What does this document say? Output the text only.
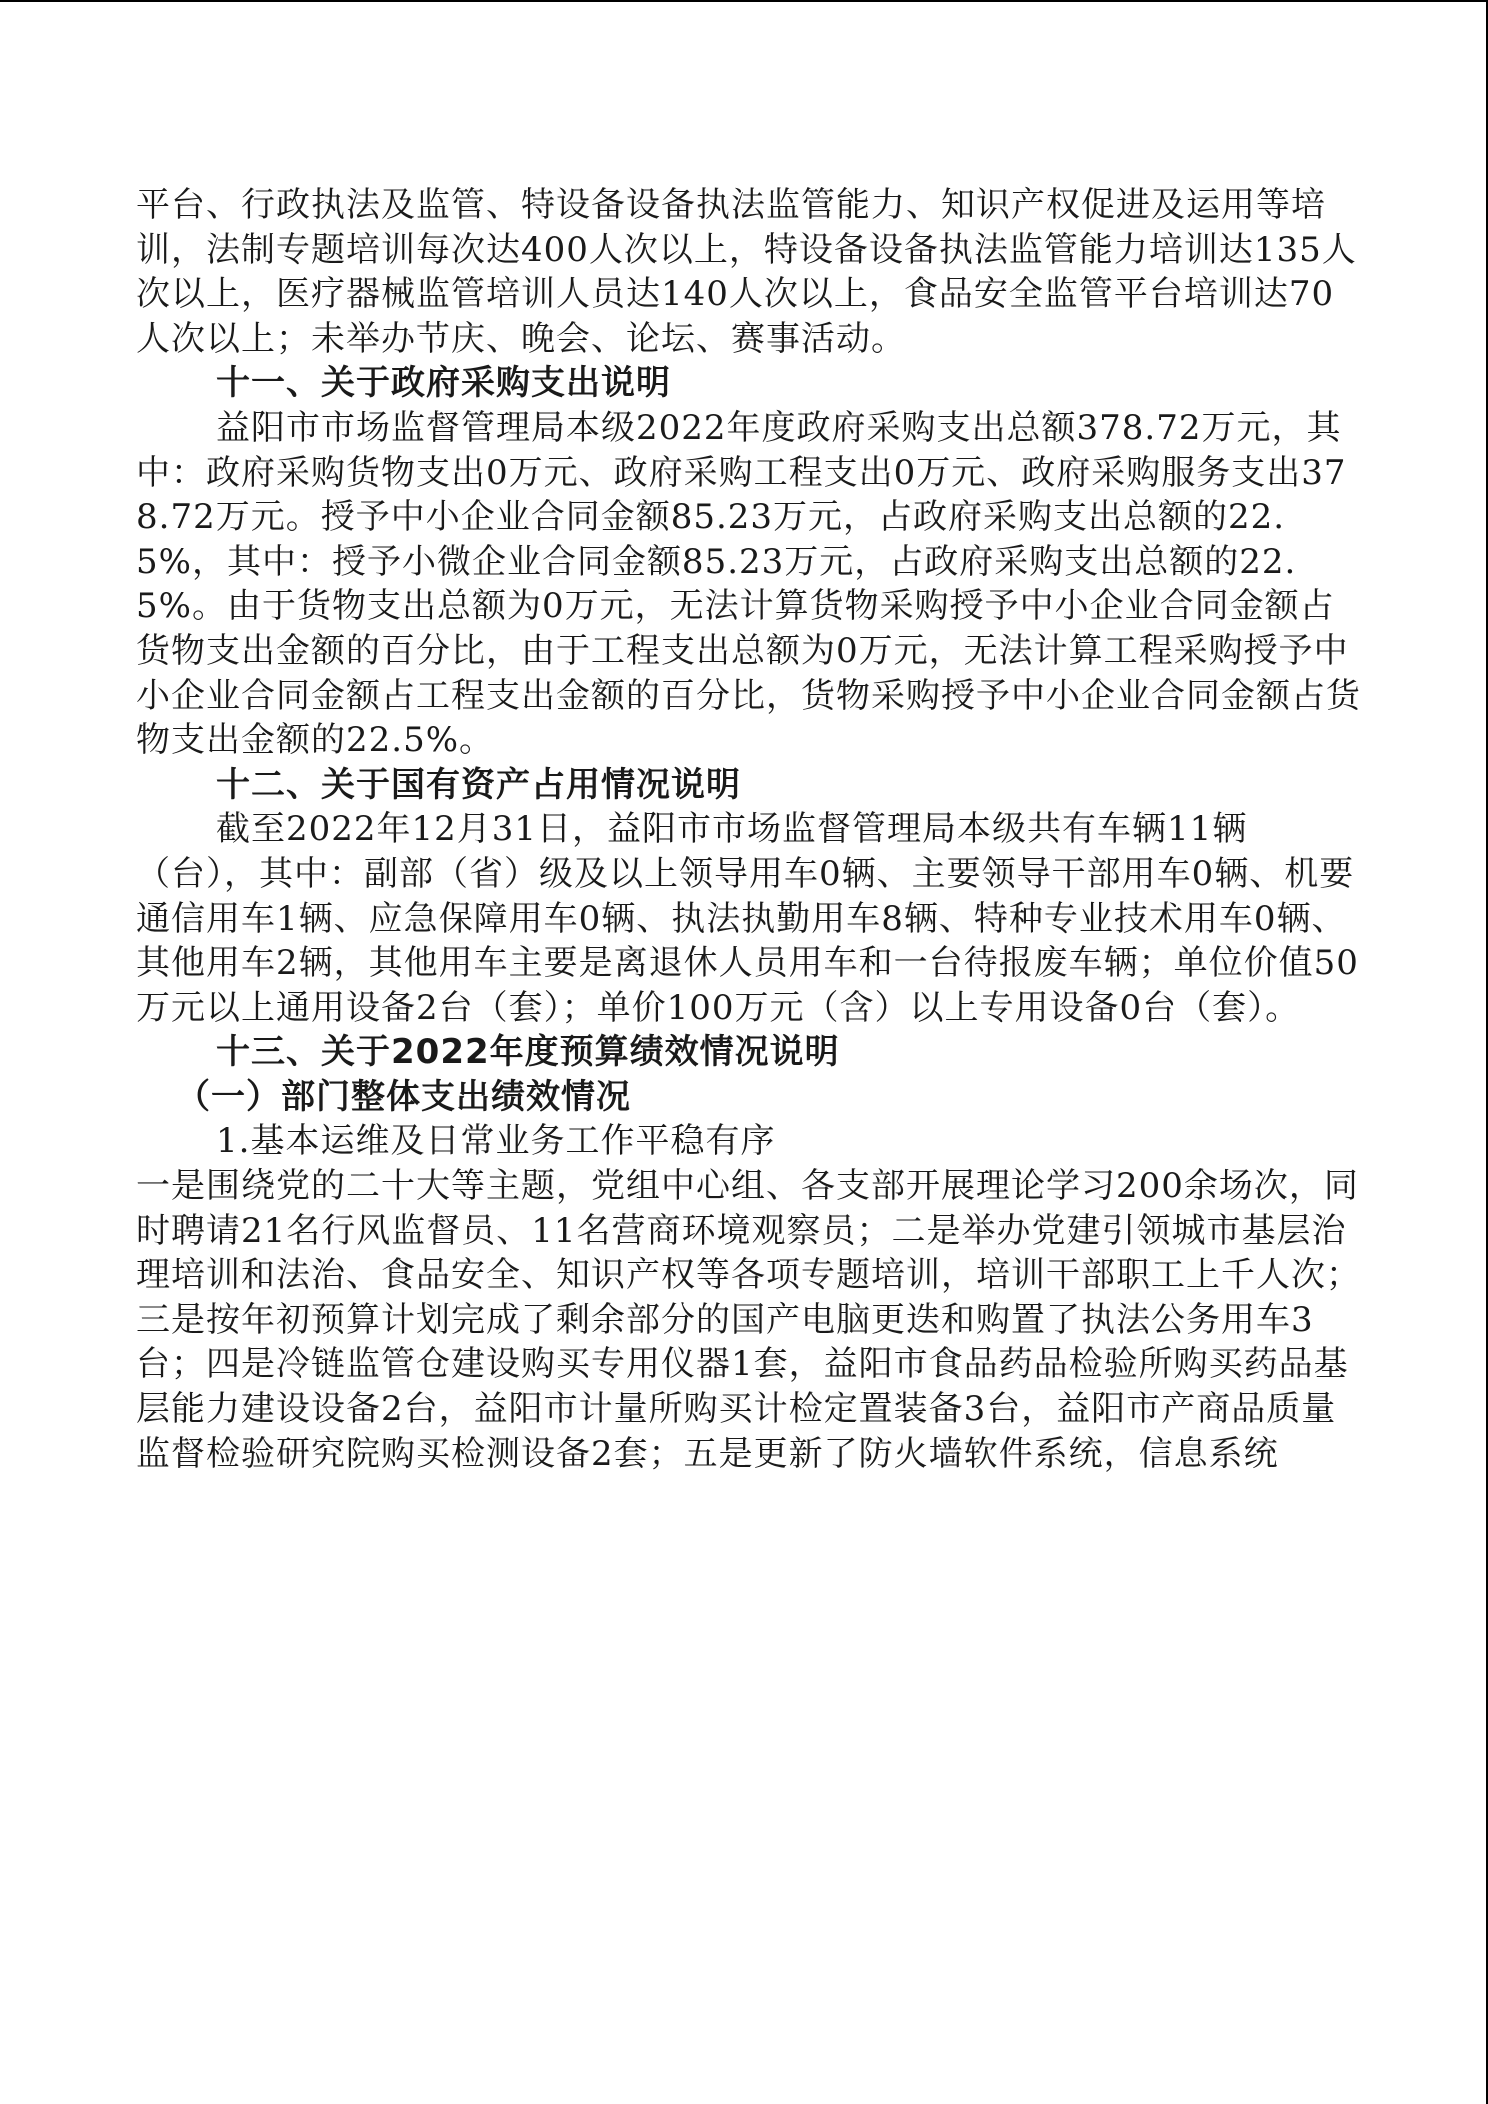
平台、行政执法及监管、特设备设备执法监管能力、知识产权促进及运用等培训，法制专题培训每次达400人次以上，特设备设备执法监管能力培训达135人次以上，医疗器械监管培训人员达140人次以上，食品安全监管平台培训达70人次以上；未举办节庆、晚会、论坛、赛事活动。

十一、关于政府采购支出说明

益阳市市场监督管理局本级2022年度政府采购支出总额378.72万元，其中：政府采购货物支出0万元、政府采购工程支出0万元、政府采购服务支出378.72万元。授予中小企业合同金额85.23万元，占政府采购支出总额的22.5%，其中：授予小微企业合同金额85.23万元，占政府采购支出总额的22.5%。由于货物支出总额为0万元，无法计算货物采购授予中小企业合同金额占货物支出金额的百分比，由于工程支出总额为0万元，无法计算工程采购授予中小企业合同金额占工程支出金额的百分比，货物采购授予中小企业合同金额占货物支出金额的22.5%。

十二、关于国有资产占用情况说明

截至2022年12月31日，益阳市市场监督管理局本级共有车辆11辆（台），其中：副部（省）级及以上领导用车0辆、主要领导干部用车0辆、机要通信用车1辆、应急保障用车0辆、执法执勤用车8辆、特种专业技术用车0辆、其他用车2辆，其他用车主要是离退休人员用车和一台待报废车辆；单位价值50万元以上通用设备2台（套）；单价100万元（含）以上专用设备0台（套）。

十三、关于2022年度预算绩效情况说明

（一）部门整体支出绩效情况

1.基本运维及日常业务工作平稳有序

一是围绕党的二十大等主题，党组中心组、各支部开展理论学习200余场次，同时聘请21名行风监督员、11名营商环境观察员；二是举办党建引领城市基层治理培训和法治、食品安全、知识产权等各项专题培训，培训干部职工上千人次；三是按年初预算计划完成了剩余部分的国产电脑更迭和购置了执法公务用车3台；四是冷链监管仓建设购买专用仪器1套，益阳市食品药品检验所购买药品基层能力建设设备2台，益阳市计量所购买计检定置装备3台，益阳市产商品质量监督检验研究院购买检测设备2套；五是更新了防火墙软件系统，信息系统
